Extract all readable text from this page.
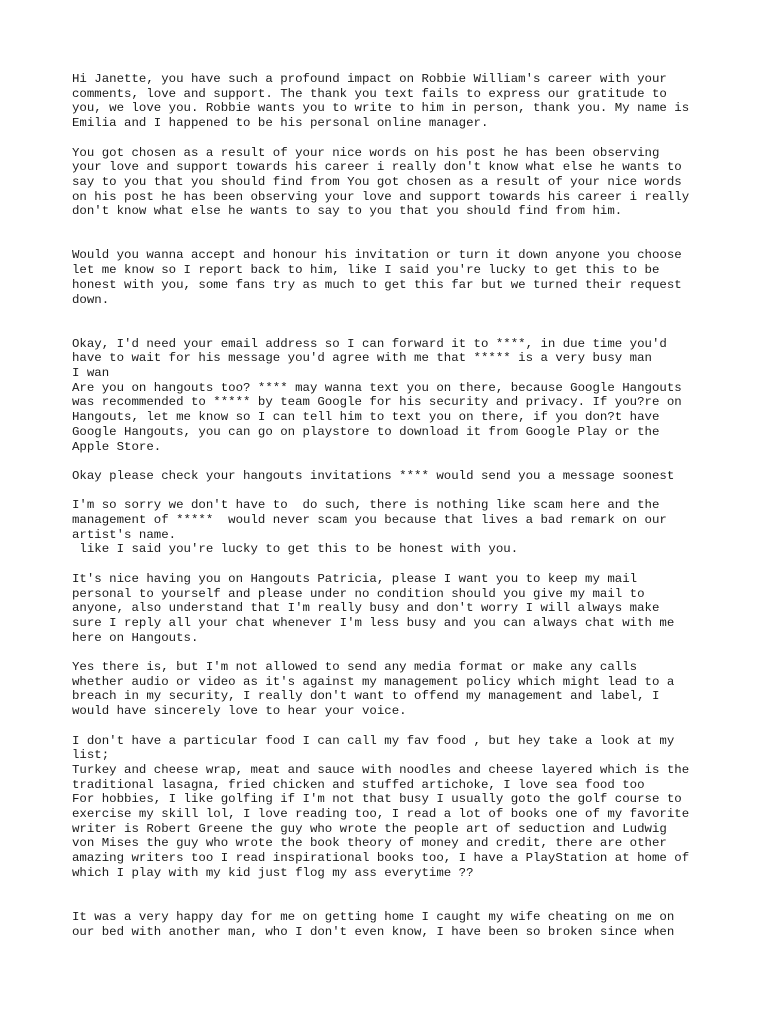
Hi Janette, you have such a profound impact on Robbie William's career with your
comments, love and support. The thank you text fails to express our gratitude to
you, we love you. Robbie wants you to write to him in person, thank you. My name is
Emilia and I happened to be his personal online manager.

You got chosen as a result of your nice words on his post he has been observing
your love and support towards his career i really don't know what else he wants to
say to you that you should find from You got chosen as a result of your nice words
on his post he has been observing your love and support towards his career i really
don't know what else he wants to say to you that you should find from him.

Would you wanna accept and honour his invitation or turn it down anyone you choose
let me know so I report back to him, like I said you're lucky to get this to be
honest with you, some fans try as much to get this far but we turned their request
down.

Okay, I'd need your email address so I can forward it to ****, in due time you'd
have to wait for his message you'd agree with me that ***** is a very busy man
I wan
Are you on hangouts too? **** may wanna text you on there, because Google Hangouts
was recommended to ***** by team Google for his security and privacy. If you?re on
Hangouts, let me know so I can tell him to text you on there, if you don?t have
Google Hangouts, you can go on playstore to download it from Google Play or the
Apple Store.

Okay please check your hangouts invitations **** would send you a message soonest

I'm so sorry we don't have to  do such, there is nothing like scam here and the
management of *****  would never scam you because that lives a bad remark on our
artist's name.
like I said you're lucky to get this to be honest with you.

It's nice having you on Hangouts Patricia, please I want you to keep my mail
personal to yourself and please under no condition should you give my mail to
anyone, also understand that I'm really busy and don't worry I will always make
sure I reply all your chat whenever I'm less busy and you can always chat with me
here on Hangouts.

Yes there is, but I'm not allowed to send any media format or make any calls
whether audio or video as it's against my management policy which might lead to a
breach in my security, I really don't want to offend my management and label, I
would have sincerely love to hear your voice.

I don't have a particular food I can call my fav food , but hey take a look at my
list;
Turkey and cheese wrap, meat and sauce with noodles and cheese layered which is the
traditional lasagna, fried chicken and stuffed artichoke, I love sea food too
For hobbies, I like golfing if I'm not that busy I usually goto the golf course to
exercise my skill lol, I love reading too, I read a lot of books one of my favorite
writer is Robert Greene the guy who wrote the people art of seduction and Ludwig
von Mises the guy who wrote the book theory of money and credit, there are other
amazing writers too I read inspirational books too, I have a PlayStation at home of
which I play with my kid just flog my ass everytime ??

It was a very happy day for me on getting home I caught my wife cheating on me on
our bed with another man, who I don't even know, I have been so broken since when
